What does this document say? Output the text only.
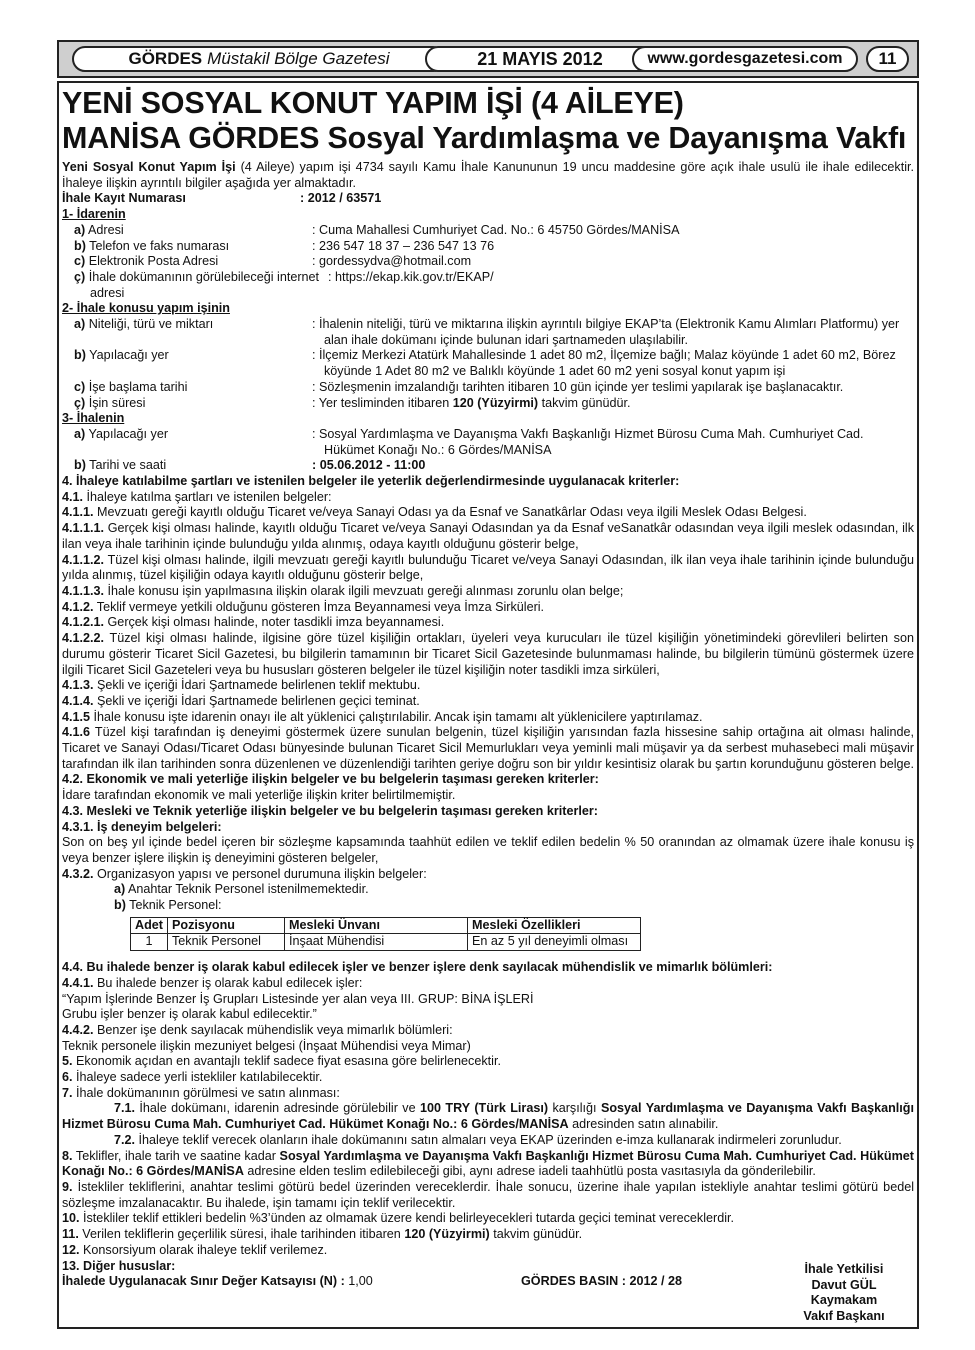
GÖRDES Müstakil Bölge Gazetesi	21 MAYIS 2012	www.gordesgazetesi.com	11
YENİ SOSYAL KONUT YAPIM İŞİ (4 AİLEYE)
MANİSA GÖRDES Sosyal Yardımlaşma ve Dayanışma Vakfı
Yeni Sosyal Konut Yapım İşi (4 Aileye) yapım işi 4734 sayılı Kamu İhale Kanununun 19 uncu maddesine göre açık ihale usulü ile ihale edilecektir. İhaleye ilişkin ayrıntılı bilgiler aşağıda yer almaktadır.
İhale Kayıt Numarası	: 2012 / 63571
1- İdarenin
a) Adresi	: Cuma Mahallesi Cumhuriyet Cad. No.: 6 45750 Gördes/MANİSA
b) Telefon ve faks numarası	: 236 547 18 37 – 236 547 13 76
c) Elektronik Posta Adresi	: gordessydva@hotmail.com
ç) İhale dokümanının görülebileceği internet adresi
: https://ekap.kik.gov.tr/EKAP/
2- İhale konusu yapım işinin
a) Niteliği, türü ve miktarı	: İhalenin niteliği, türü ve miktarına ilişkin ayrıntılı bilgiye EKAP’ta (Elektronik Kamu Alımları Platformu) yer alan ihale dokümanı içinde bulunan idari şartnameden ulaşılabilir.
b) Yapılacağı yer	: İlçemiz Merkezi Atatürk Mahallesinde 1 adet 80 m2, İlçemize bağlı; Malaz köyünde 1 adet 60 m2, Börez köyünde 1 Adet 80 m2 ve Balıklı köyünde 1 adet 60 m2 yeni sosyal konut yapım işi
c) İşe başlama tarihi	: Sözleşmenin imzalandığı tarihten itibaren 10 gün içinde yer teslimi yapılarak işe başlanacaktır.
ç) İşin süresi	: Yer tesliminden itibaren 120 (Yüzyirmi) takvim günüdür.
3- İhalenin
a) Yapılacağı yer	: Sosyal Yardımlaşma ve Dayanışma Vakfı Başkanlığı Hizmet Bürosu Cuma Mah. Cumhuriyet Cad. Hükümet Konağı No.: 6 Gördes/MANİSA
b) Tarihi ve saati	: 05.06.2012 - 11:00
4. İhaleye katılabilme şartları ve istenilen belgeler ile yeterlik değerlendirmesinde uygulanacak kriterler:
4.1. İhaleye katılma şartları ve istenilen belgeler:
4.1.1. Mevzuatı gereği kayıtlı olduğu Ticaret ve/veya Sanayi Odası ya da Esnaf ve Sanatkârlar Odası veya ilgili Meslek Odası Belgesi.
4.1.1.1. Gerçek kişi olması halinde, kayıtlı olduğu Ticaret ve/veya Sanayi Odasından ya da Esnaf veSanatkâr odasından veya ilgili meslek odasından, ilk ilan veya ihale tarihinin içinde bulunduğu yılda alınmış, odaya kayıtlı olduğunu gösterir belge,
4.1.1.2. Tüzel kişi olması halinde, ilgili mevzuatı gereği kayıtlı bulunduğu Ticaret ve/veya Sanayi Odasından, ilk ilan veya ihale tarihinin içinde bulunduğu yılda alınmış, tüzel kişiliğin odaya kayıtlı olduğunu gösterir belge,
4.1.1.3. İhale konusu işin yapılmasına ilişkin olarak ilgili mevzuatı gereği alınması zorunlu olan belge;
4.1.2. Teklif vermeye yetkili olduğunu gösteren İmza Beyannamesi veya İmza Sirküleri.
4.1.2.1. Gerçek kişi olması halinde, noter tasdikli imza beyannamesi.
4.1.2.2. Tüzel kişi olması halinde, ilgisine göre tüzel kişiliğin ortakları, üyeleri veya kurucuları ile tüzel kişiliğin yönetimindeki görevlileri belirten son durumu gösterir Ticaret Sicil Gazetesi, bu bilgilerin tamamının bir Ticaret Sicil Gazetesinde bulunmaması halinde, bu bilgilerin tümünü göstermek üzere ilgili Ticaret Sicil Gazeteleri veya bu hususları gösteren belgeler ile tüzel kişiliğin noter tasdikli imza sirküleri,
4.1.3. Şekli ve içeriği İdari Şartnamede belirlenen teklif mektubu.
4.1.4. Şekli ve içeriği İdari Şartnamede belirlenen geçici teminat.
4.1.5 İhale konusu işte idarenin onayı ile alt yüklenici çalıştırılabilir. Ancak işin tamamı alt yüklenicilere yaptırılamaz.
4.1.6 Tüzel kişi tarafından iş deneyimi göstermek üzere sunulan belgenin, tüzel kişiliğin yarısından fazla hissesine sahip ortağına ait olması halinde, Ticaret ve Sanayi Odası/Ticaret Odası bünyesinde bulunan Ticaret Sicil Memurlukları veya yeminli mali müşavir ya da serbest muhasebeci mali müşavir tarafından ilk ilan tarihinden sonra düzenlenen ve düzenlendiği tarihten geriye doğru son bir yıldır kesintisiz olarak bu şartın korunduğunu gösteren belge.
4.2. Ekonomik ve mali yeterliğe ilişkin belgeler ve bu belgelerin taşıması gereken kriterler:
İdare tarafından ekonomik ve mali yeterliğe ilişkin kriter belirtilmemiştir.
4.3. Mesleki ve Teknik yeterliğe ilişkin belgeler ve bu belgelerin taşıması gereken kriterler:
4.3.1. İş deneyim belgeleri:
Son on beş yıl içinde bedel içeren bir sözleşme kapsamında taahhüt edilen ve teklif edilen bedelin % 50 oranından az olmamak üzere ihale konusu iş veya benzer işlere ilişkin iş deneyimini gösteren belgeler,
4.3.2. Organizasyon yapısı ve personel durumuna ilişkin belgeler:
a) Anahtar Teknik Personel istenilmemektedir.
b) Teknik Personel:
Adet	Pozisyonu	Mesleki Ünvanı	Mesleki Özellikleri
1	Teknik Personel	İnşaat Mühendisi	En az 5 yıl deneyimli olması
4.4. Bu ihalede benzer iş olarak kabul edilecek işler ve benzer işlere denk sayılacak mühendislik ve mimarlık bölümleri:
4.4.1. Bu ihalede benzer iş olarak kabul edilecek işler:
“Yapım İşlerinde Benzer İş Grupları Listesinde yer alan veya III. GRUP: BİNA İŞLERİ
Grubu işler benzer iş olarak kabul edilecektir.”
4.4.2. Benzer işe denk sayılacak mühendislik veya mimarlık bölümleri:
Teknik personele ilişkin mezuniyet belgesi (İnşaat Mühendisi veya Mimar)
5. Ekonomik açıdan en avantajlı teklif sadece fiyat esasına göre belirlenecektir.
6. İhaleye sadece yerli istekliler katılabilecektir.
7. İhale dokümanının görülmesi ve satın alınması:
7.1. İhale dokümanı, idarenin adresinde görülebilir ve 100 TRY (Türk Lirası) karşılığı Sosyal Yardımlaşma ve Dayanışma Vakfı Başkanlığı Hizmet Bürosu Cuma Mah. Cumhuriyet Cad. Hükümet Konağı No.: 6 Gördes/MANİSA adresinden satın alınabilir.
7.2. İhaleye teklif verecek olanların ihale dokümanını satın almaları veya EKAP üzerinden e-imza kullanarak indirmeleri zorunludur.
8. Teklifler, ihale tarih ve saatine kadar Sosyal Yardımlaşma ve Dayanışma Vakfı Başkanlığı Hizmet Bürosu Cuma Mah. Cumhuriyet Cad. Hükümet Konağı No.: 6 Gördes/MANİSA adresine elden teslim edilebileceği gibi, aynı adrese iadeli taahhütlü posta vasıtasıyla da gönderilebilir.
9. İstekliler tekliflerini, anahtar teslimi götürü bedel üzerinden vereceklerdir. İhale sonucu, üzerine ihale yapılan istekliyle anahtar teslimi götürü bedel sözleşme imzalanacaktır. Bu ihalede, işin tamamı için teklif verilecektir.
10. İstekliler teklif ettikleri bedelin %3’ünden az olmamak üzere kendi belirleyecekleri tutarda geçici teminat vereceklerdir.
11. Verilen tekliflerin geçerlilik süresi, ihale tarihinden itibaren 120 (Yüzyirmi) takvim günüdür.
12. Konsorsiyum olarak ihaleye teklif verilemez.
13. Diğer hususlar:
İhalede Uygulanacak Sınır Değer Katsayısı (N) : 1,00	GÖRDES BASIN : 2012 / 28
İhale Yetkilisi
Davut GÜL
Kaymakam
Vakıf Başkanı
